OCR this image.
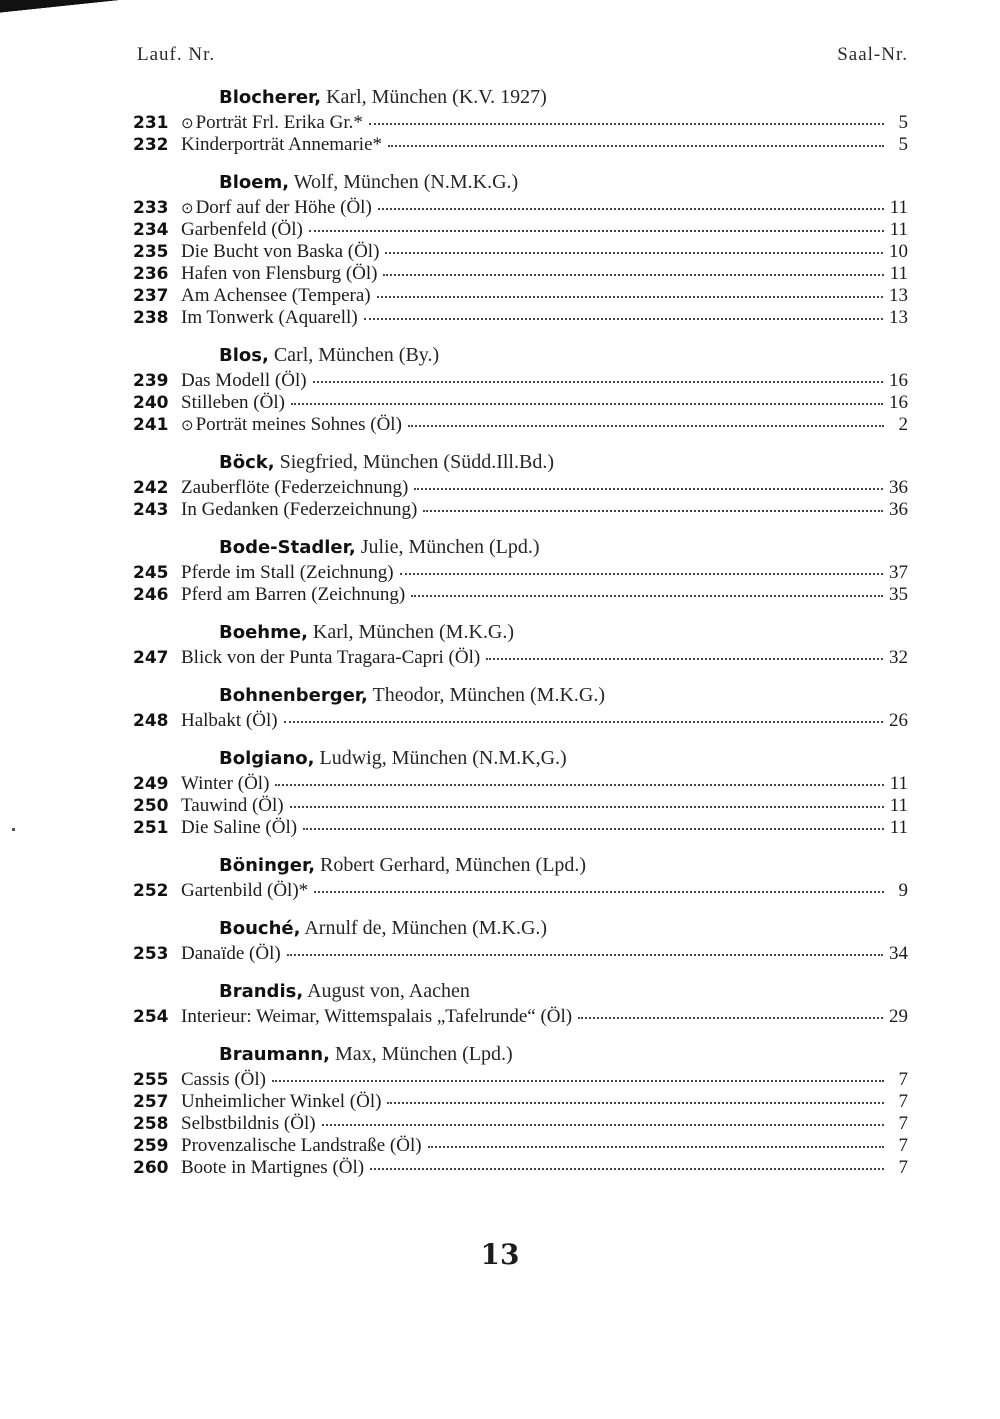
Lauf. Nr.	Saal-Nr.
Blocherer, Karl, München (K.V. 1927)
231 ⊙ Porträt Frl. Erika Gr.*	5
232 Kinderporträt Annemarie*	5
Bloem, Wolf, München (N.M.K.G.)
233 ⊙ Dorf auf der Höhe (Öl)	11
234 Garbenfeld (Öl)	11
235 Die Bucht von Baska (Öl)	10
236 Hafen von Flensburg (Öl)	11
237 Am Achensee (Tempera)	13
238 Im Tonwerk (Aquarell)	13
Blos, Carl, München (By.)
239 Das Modell (Öl)	16
240 Stilleben (Öl)	16
241 ⊙ Porträt meines Sohnes (Öl)	2
Böck, Siegfried, München (Südd.Ill.Bd.)
242 Zauberflöte (Federzeichnung)	36
243 In Gedanken (Federzeichnung)	36
Bode-Stadler, Julie, München (Lpd.)
245 Pferde im Stall (Zeichnung)	37
246 Pferd am Barren (Zeichnung)	35
Boehme, Karl, München (M.K.G.)
247 Blick von der Punta Tragara-Capri (Öl)	32
Bohnenberger, Theodor, München (M.K.G.)
248 Halbakt (Öl)	26
Bolgiano, Ludwig, München (N.M.K,G.)
249 Winter (Öl)	11
250 Tauwind (Öl)	11
251 Die Saline (Öl)	11
Böninger, Robert Gerhard, München (Lpd.)
252 Gartenbild (Öl)*	9
Bouché, Arnulf de, München (M.K.G.)
253 Danaïde (Öl)	34
Brandis, August von, Aachen
254 Interieur: Weimar, Wittemspalais „Tafelrunde“ (Öl)	29
Braumann, Max, München (Lpd.)
255 Cassis (Öl)	7
257 Unheimlicher Winkel (Öl)	7
258 Selbstbildnis (Öl)	7
259 Provenzalische Landstraße (Öl)	7
260 Boote in Martignes (Öl)	7
13
